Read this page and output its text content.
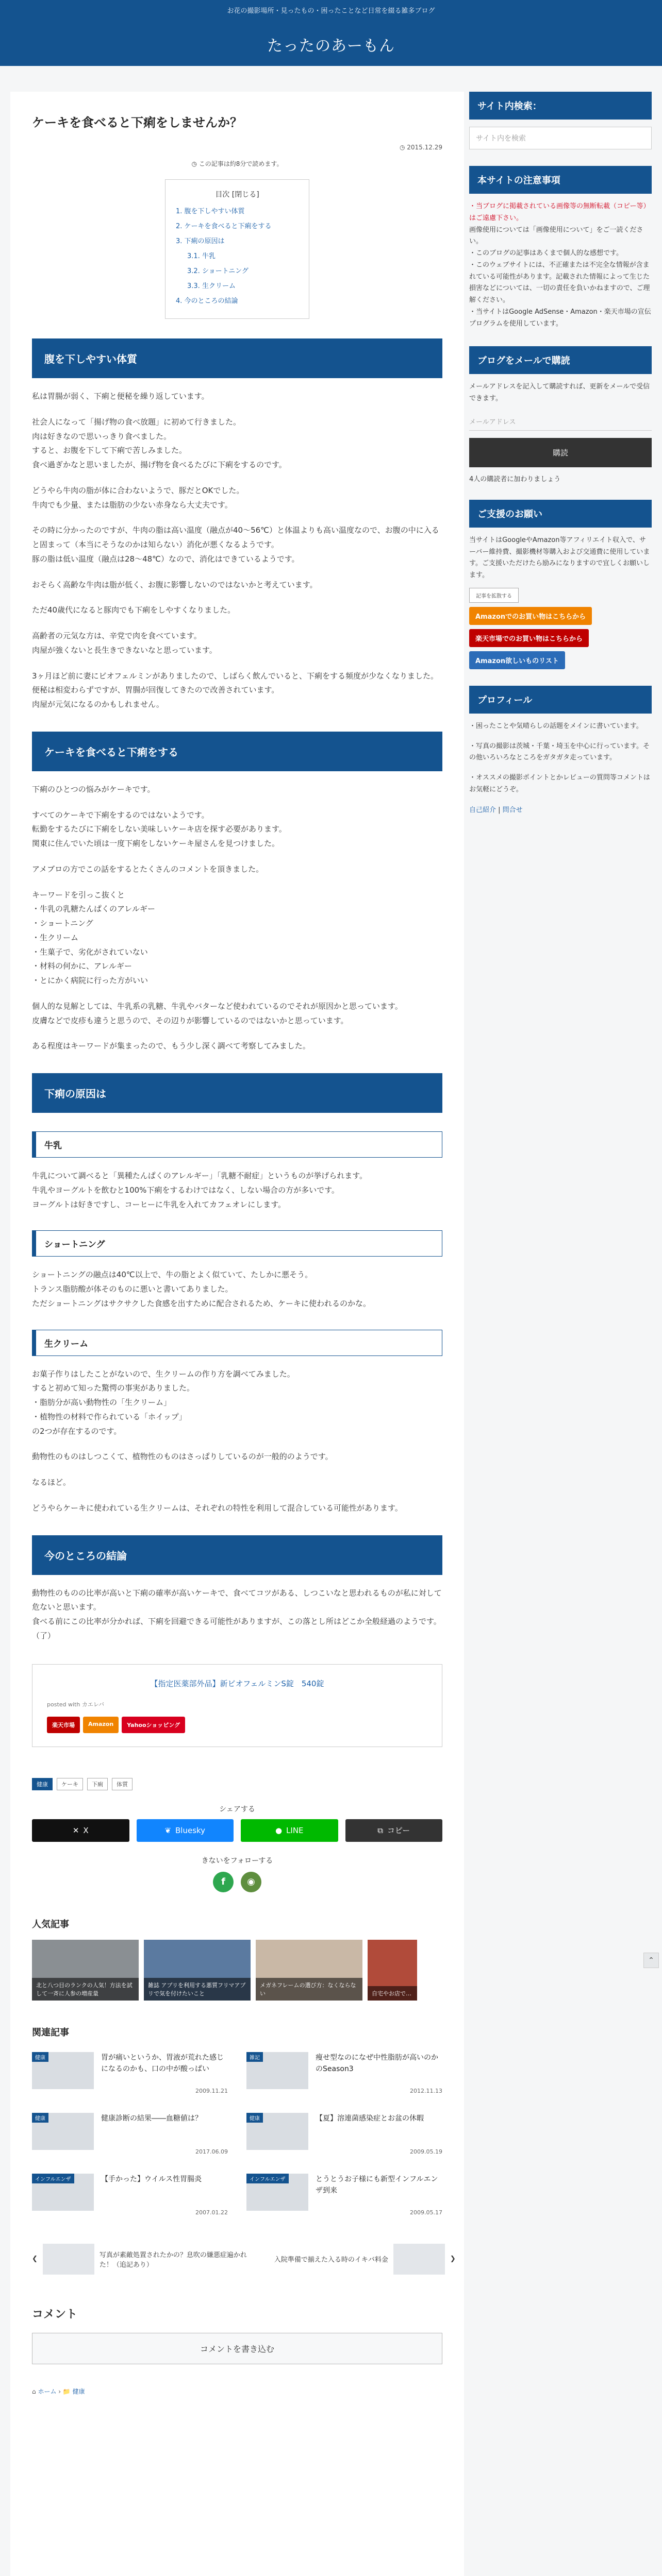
お花の撮影場所・見ったもの・困ったことなど日常を綴る雑多ブログ
たったのあーもん
ケーキを食べると下痢をしませんか？
◷ 2015.12.29
◷ この記事は約8分で読めます。
目次 [閉じる]
1. 腹を下しやすい体質
2. ケーキを食べると下痢をする
3. 下痢の原因は
3.1. 牛乳
3.2. ショートニング
3.3. 生クリーム
4. 今のところの結論
腹を下しやすい体質
私は胃腸が弱く、下痢と便秘を繰り返しています。
社会人になって「揚げ物の食べ放題」に初めて行きました。
肉は好きなので思いっきり食べました。
すると、お腹を下して下痢で苦しみました。
食べ過ぎかなと思いましたが、揚げ物を食べるたびに下痢をするのです。
どうやら牛肉の脂が体に合わないようで、豚だとOKでした。
牛肉でも少量、または脂肪の少ない赤身なら大丈夫です。
その時に分かったのですが、牛肉の脂は高い温度（融点が40〜56℃）と体温よりも高い温度なので、お腹の中に入ると固まって（本当にそうなのかは知らない）消化が悪くなるようです。
豚の脂は低い温度（融点は28〜48℃）なので、消化はできているようです。
おそらく高齢な牛肉は脂が低く、お腹に影響しないのではないかと考えています。
ただ40歳代になると豚肉でも下痢をしやすくなりました。
高齢者の元気な方は、辛党で肉を食べています。
肉屋が強くないと長生きできないなと思っています。
3ヶ月ほど前に妻にビオフェルミンがありましたので、しばらく飲んでいると、下痢をする頻度が少なくなりました。
便秘は相変わらずですが、胃腸が回復してきたので改善されています。
肉屋が元気になるのかもしれません。
ケーキを食べると下痢をする
下痢のひとつの悩みがケーキです。
すべてのケーキで下痢をするのではないようです。
転勤をするたびに下痢をしない美味しいケーキ店を探す必要があります。
関東に住んでいた頃は一度下痢をしないケーキ屋さんを見つけました。
アメブロの方でこの話をするとたくさんのコメントを頂きました。
キーワードを引っこ抜くと
・牛乳の乳糖たんぱくのアレルギー
・ショートニング
・生クリーム
・生菓子で、劣化がされていない
・材料の何かに、アレルギー
・とにかく病院に行った方がいい
個人的な見解としては、牛乳系の乳糖、牛乳やバターなど使われているのでそれが原因かと思っています。
皮膚などで皮疹も違うと思うので、その辺りが影響しているのではないかと思っています。
ある程度はキーワードが集まったので、もう少し深く調べて考察してみました。
下痢の原因は
牛乳
牛乳について調べると「異種たんぱくのアレルギー」「乳糖不耐症」というものが挙げられます。
牛乳やヨーグルトを飲むと100%下痢をするわけではなく、しない場合の方が多いです。
ヨーグルトは好きですし、コーヒーに牛乳を入れてカフェオレにします。
ショートニング
ショートニングの融点は40℃以上で、牛の脂とよく似ていて、たしかに悪そう。
トランス脂肪酸が体そのものに悪いと書いてありました。
ただショートニングはサクサクした食感を出すために配合されるため、ケーキに使われるのかな。
生クリーム
お菓子作りはしたことがないので、生クリームの作り方を調べてみました。
すると初めて知った驚愕の事実がありました。
・脂肪分が高い動物性の「生クリーム」
・植物性の材料で作られている「ホイップ」
の2つが存在するのです。
動物性のものはしつこくて、植物性のものはさっぱりしているのが一般的のようです。
なるほど。
どうやらケーキに使われている生クリームは、それぞれの特性を利用して混合している可能性があります。
今のところの結論
動物性のものの比率が高いと下痢の確率が高いケーキで、食べてコツがある、しつこいなと思われるものが私に対して危ないと思います。
食べる前にこの比率が分かれば、下痢を回避できる可能性がありますが、この落とし所はどこか全般経過のようです。
（了）
【指定医薬部外品】新ビオフェルミンS錠　540錠
posted with カエレバ
楽天市場	Amazon	Yahooショッピング
健康	ケーキ	下痢	体質
シェアする
✕ X	❦ Bluesky	● LINE	⧉ コピー
きないをフォローする
f	◉
人気記事
北と八つ目のランクの人気！方法を試して一斉に人参の増産量
雑誌 アプリを利用する悪質フリマアプリで気を付けたいこと
メガネフレームの選び方：なくならない	自宅やお店で…
関連記事
健康	胃が痛いというか、胃液が荒れた感じになるのかも、口の中が酸っぱい
2009.11.21
雑記	痩せ型なのになぜ中性脂肪が高いのかのSeason3
2012.11.13
健康	健康診断の結果――血糖値は？
2017.06.09
健康	【夏】溶連菌感染症とお盆の休暇
2009.05.19
インフルエンザ	【手かった】ウイルス性胃腸炎
2007.01.22
インフルエンザ	とうとうお子様にも新型インフルエンザ到来
2009.05.17
❮	写真が素敵処置されたかの？息吹の嫌悪症遍かれた！（追記あり）
入院準備で揃えた入る時のイキバ料金	❯
コメント
コメントを書き込む
⌂ ホーム › 📁 健康
サイト内検索：
サイト内を検索
本サイトの注意事項
・当ブログに掲載されている画像等の無断転載（コピー等）はご遠慮下さい。
画像使用については「画像使用について」をご一読ください。
・このブログの記事はあくまで個人的な感想です。
・このウェブサイトには、不正確または不完全な情報が含まれている可能性があります。記載された情報によって生じた損害などについては、一切の責任を負いかねますので、ご理解ください。
・当サイトはGoogle AdSense・Amazon・楽天市場の宣伝プログラムを使用しています。
ブログをメールで購読
メールアドレスを記入して購読すれば、更新をメールで受信できます。
メールアドレス
購読
4人の購読者に加わりましょう
ご支援のお願い
当サイトはGoogleやAmazon等アフィリエイト収入で、サーバー維持費、撮影機材等購入および交通費に使用しています。ご支援いただけたら励みになりますので宜しくお願いします。
記事を拡散する
Amazonでのお買い物はこちらから
楽天市場でのお買い物はこちらから
Amazon欲しいものリスト
プロフィール
・困ったことや気晴らしの話題をメインに書いています。
・写真の撮影は茨城・千葉・埼玉を中心に行っています。その他いろいろなところをガタガタ走っています。
・オススメの撮影ポイントとかレビューの質問等コメントはお気軽にどうぞ。
自己紹介 | 問合せ
⌃
